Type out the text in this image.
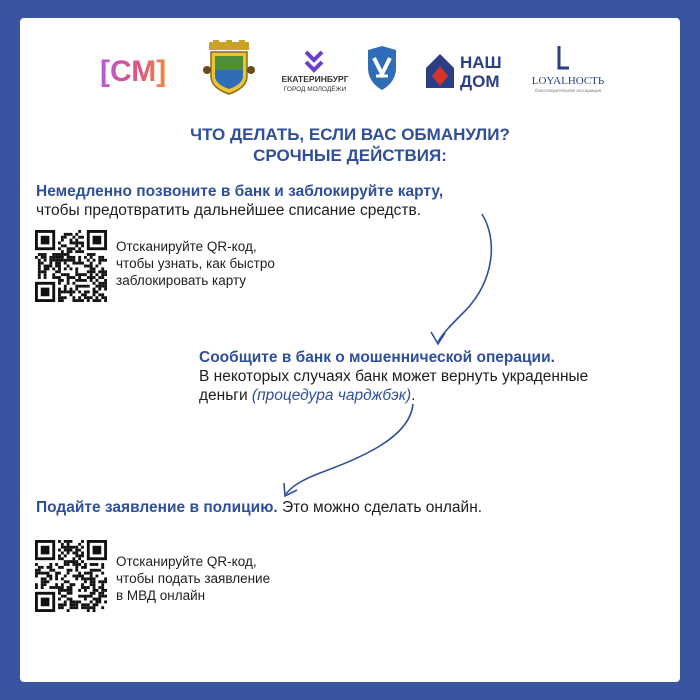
[СМ]	ЕКАТЕРИНБУРГ
ГОРОД МОЛОДЁЖИ
НАШ
ДОМ	LOYALНОСТЬ
благотворительная ассоциация
ЧТО ДЕЛАТЬ, ЕСЛИ ВАС ОБМАНУЛИ?
СРОЧНЫЕ ДЕЙСТВИЯ:
Немедленно позвоните в банк и заблокируйте карту,
чтобы предотвратить дальнейшее списание средств.
Отсканируйте QR-код,
чтобы узнать, как быстро
заблокировать карту
Сообщите в банк о мошеннической операции.
В некоторых случаях банк может вернуть украденные
деньги (процедура чарджбэк).
Подайте заявление в полицию. Это можно сделать онлайн.
Отсканируйте QR-код,
чтобы подать заявление
в МВД онлайн
